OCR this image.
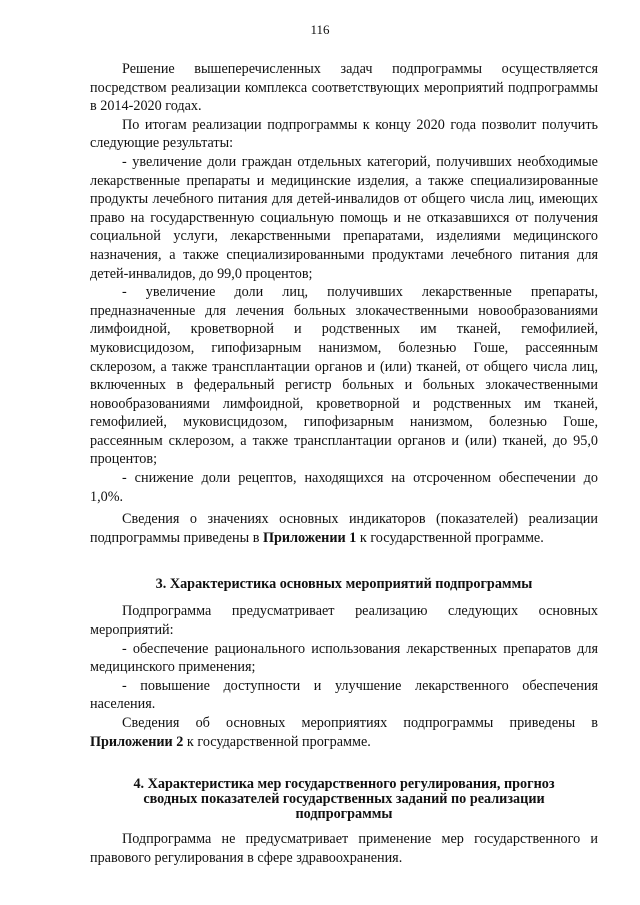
116

Решение вышеперечисленных задач подпрограммы осуществляется посредством реализации комплекса соответствующих мероприятий подпрограммы в 2014-2020 годах.

По итогам реализации подпрограммы к концу 2020 года позволит получить следующие результаты:

- увеличение доли граждан отдельных категорий, получивших необходимые лекарственные препараты и медицинские изделия, а также специализированные продукты лечебного питания для детей-инвалидов от общего числа лиц, имеющих право на государственную социальную помощь и не отказавшихся от получения социальной услуги, лекарственными препаратами, изделиями медицинского назначения, а также специализированными продуктами лечебного питания для детей-инвалидов, до 99,0 процентов;

- увеличение доли лиц, получивших лекарственные препараты, предназначенные для лечения больных злокачественными новообразованиями лимфоидной, кроветворной и родственных им тканей, гемофилией, муковисцидозом, гипофизарным нанизмом, болезнью Гоше, рассеянным склерозом, а также трансплантации органов и (или) тканей, от общего числа лиц, включенных в федеральный регистр больных и больных злокачественными новообразованиями лимфоидной, кроветворной и родственных им тканей, гемофилией, муковисцидозом, гипофизарным нанизмом, болезнью Гоше, рассеянным склерозом, а также трансплантации органов и (или) тканей, до 95,0 процентов;

- снижение доли рецептов, находящихся на отсроченном обеспечении до 1,0%.

Сведения о значениях основных индикаторов (показателей) реализации подпрограммы приведены в Приложении 1 к государственной программе.

3. Характеристика основных мероприятий подпрограммы

Подпрограмма предусматривает реализацию следующих основных мероприятий:

- обеспечение рационального использования лекарственных препаратов для медицинского применения;

- повышение доступности и улучшение лекарственного обеспечения населения.

Сведения об основных мероприятиях подпрограммы приведены в Приложении 2 к государственной программе.

4. Характеристика мер государственного регулирования, прогноз
сводных показателей государственных заданий по реализации
подпрограммы

Подпрограмма не предусматривает применение мер государственного и правового регулирования в сфере здравоохранения.
